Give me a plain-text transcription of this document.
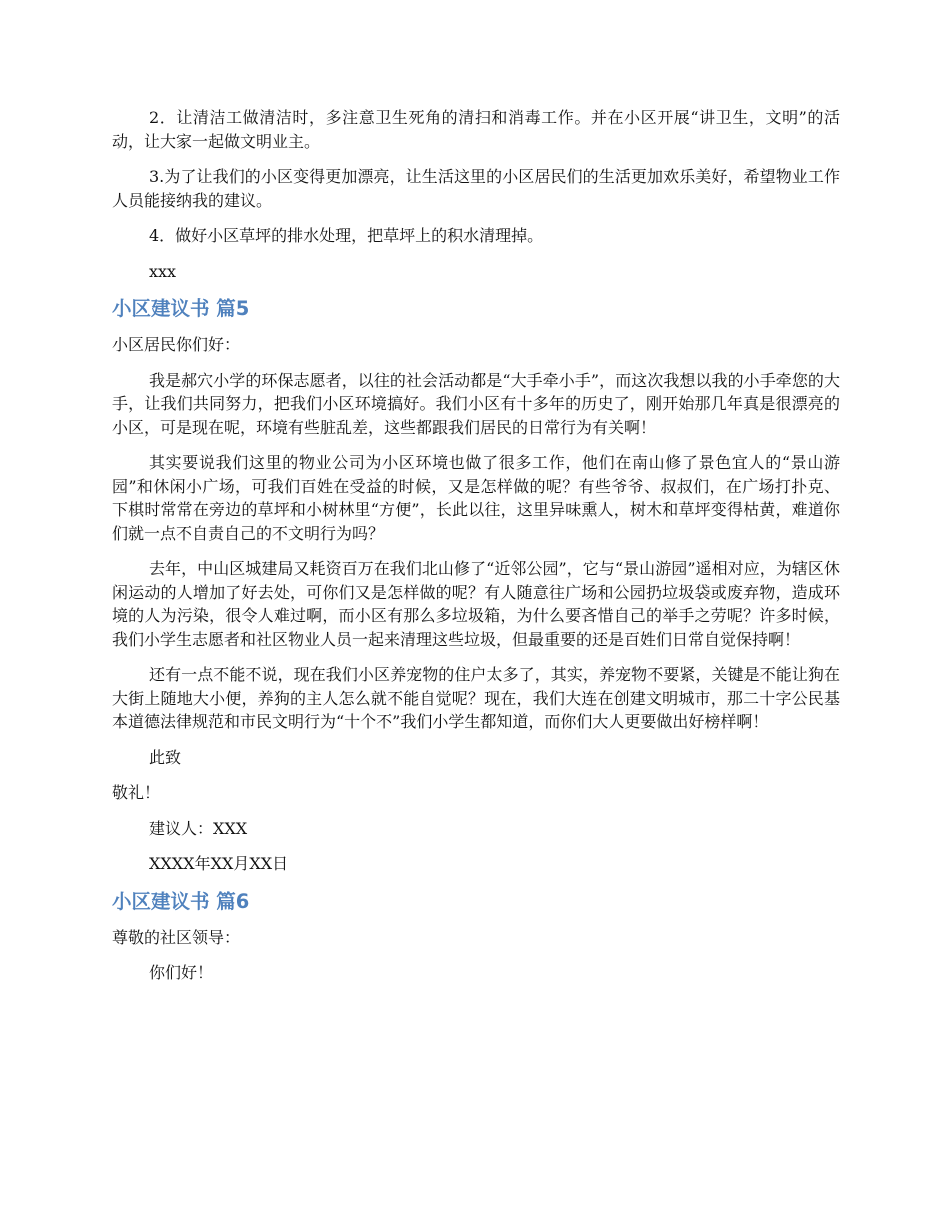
2．让清洁工做清洁时，多注意卫生死角的清扫和消毒工作。并在小区开展“讲卫生，文明”的活动，让大家一起做文明业主。

3.为了让我们的小区变得更加漂亮，让生活这里的小区居民们的生活更加欢乐美好，希望物业工作人员能接纳我的建议。

4．做好小区草坪的排水处理，把草坪上的积水清理掉。

xxx

小区建议书 篇5

小区居民你们好：

我是郝穴小学的环保志愿者，以往的社会活动都是“大手牵小手”，而这次我想以我的小手牵您的大手，让我们共同努力，把我们小区环境搞好。我们小区有十多年的历史了，刚开始那几年真是很漂亮的小区，可是现在呢，环境有些脏乱差，这些都跟我们居民的日常行为有关啊！

其实要说我们这里的物业公司为小区环境也做了很多工作，他们在南山修了景色宜人的“景山游园”和休闲小广场，可我们百姓在受益的时候，又是怎样做的呢？有些爷爷、叔叔们，在广场打扑克、下棋时常常在旁边的草坪和小树林里“方便”，长此以往，这里异味熏人，树木和草坪变得枯黄，难道你们就一点不自责自己的不文明行为吗？

去年，中山区城建局又耗资百万在我们北山修了“近邻公园”，它与“景山游园”遥相对应，为辖区休闲运动的人增加了好去处，可你们又是怎样做的呢？有人随意往广场和公园扔垃圾袋或废弃物，造成环境的人为污染，很令人难过啊，而小区有那么多垃圾箱，为什么要吝惜自己的举手之劳呢？许多时候，我们小学生志愿者和社区物业人员一起来清理这些垃圾，但最重要的还是百姓们日常自觉保持啊！

还有一点不能不说，现在我们小区养宠物的住户太多了，其实，养宠物不要紧，关键是不能让狗在大街上随地大小便，养狗的主人怎么就不能自觉呢？现在，我们大连在创建文明城市，那二十字公民基本道德法律规范和市民文明行为“十个不”我们小学生都知道，而你们大人更要做出好榜样啊！

此致

敬礼！

建议人：XXX

XXXX年XX月XX日

小区建议书 篇6

尊敬的社区领导：

你们好！
